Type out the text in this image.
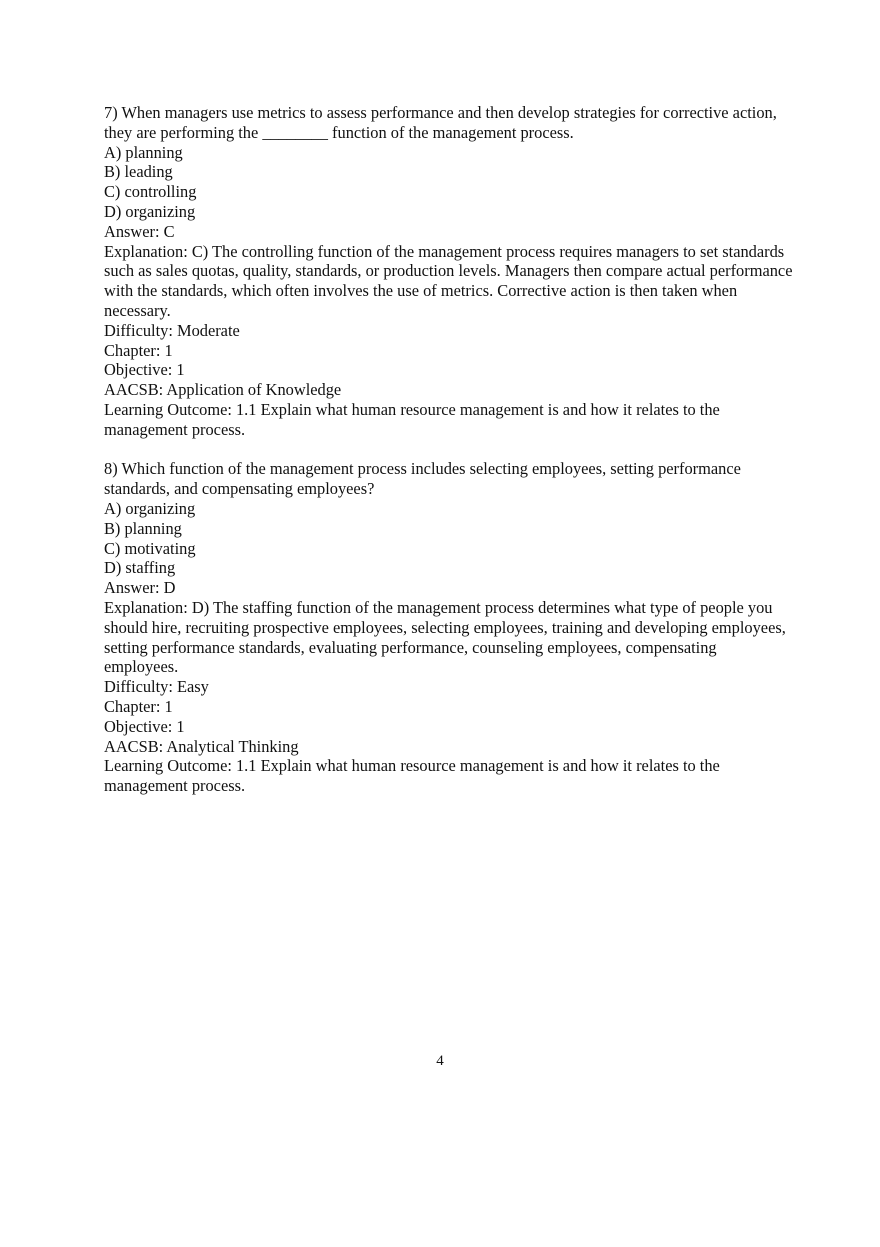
7) When managers use metrics to assess performance and then develop strategies for corrective action, they are performing the ________ function of the management process.
A) planning
B) leading
C) controlling
D) organizing
Answer: C
Explanation: C) The controlling function of the management process requires managers to set standards such as sales quotas, quality, standards, or production levels. Managers then compare actual performance with the standards, which often involves the use of metrics. Corrective action is then taken when necessary.
Difficulty: Moderate
Chapter: 1
Objective: 1
AACSB: Application of Knowledge
Learning Outcome: 1.1 Explain what human resource management is and how it relates to the management process.
8) Which function of the management process includes selecting employees, setting performance standards, and compensating employees?
A) organizing
B) planning
C) motivating
D) staffing
Answer: D
Explanation: D) The staffing function of the management process determines what type of people you should hire, recruiting prospective employees, selecting employees, training and developing employees, setting performance standards, evaluating performance, counseling employees, compensating employees.
Difficulty: Easy
Chapter: 1
Objective: 1
AACSB: Analytical Thinking
Learning Outcome: 1.1 Explain what human resource management is and how it relates to the management process.
4
